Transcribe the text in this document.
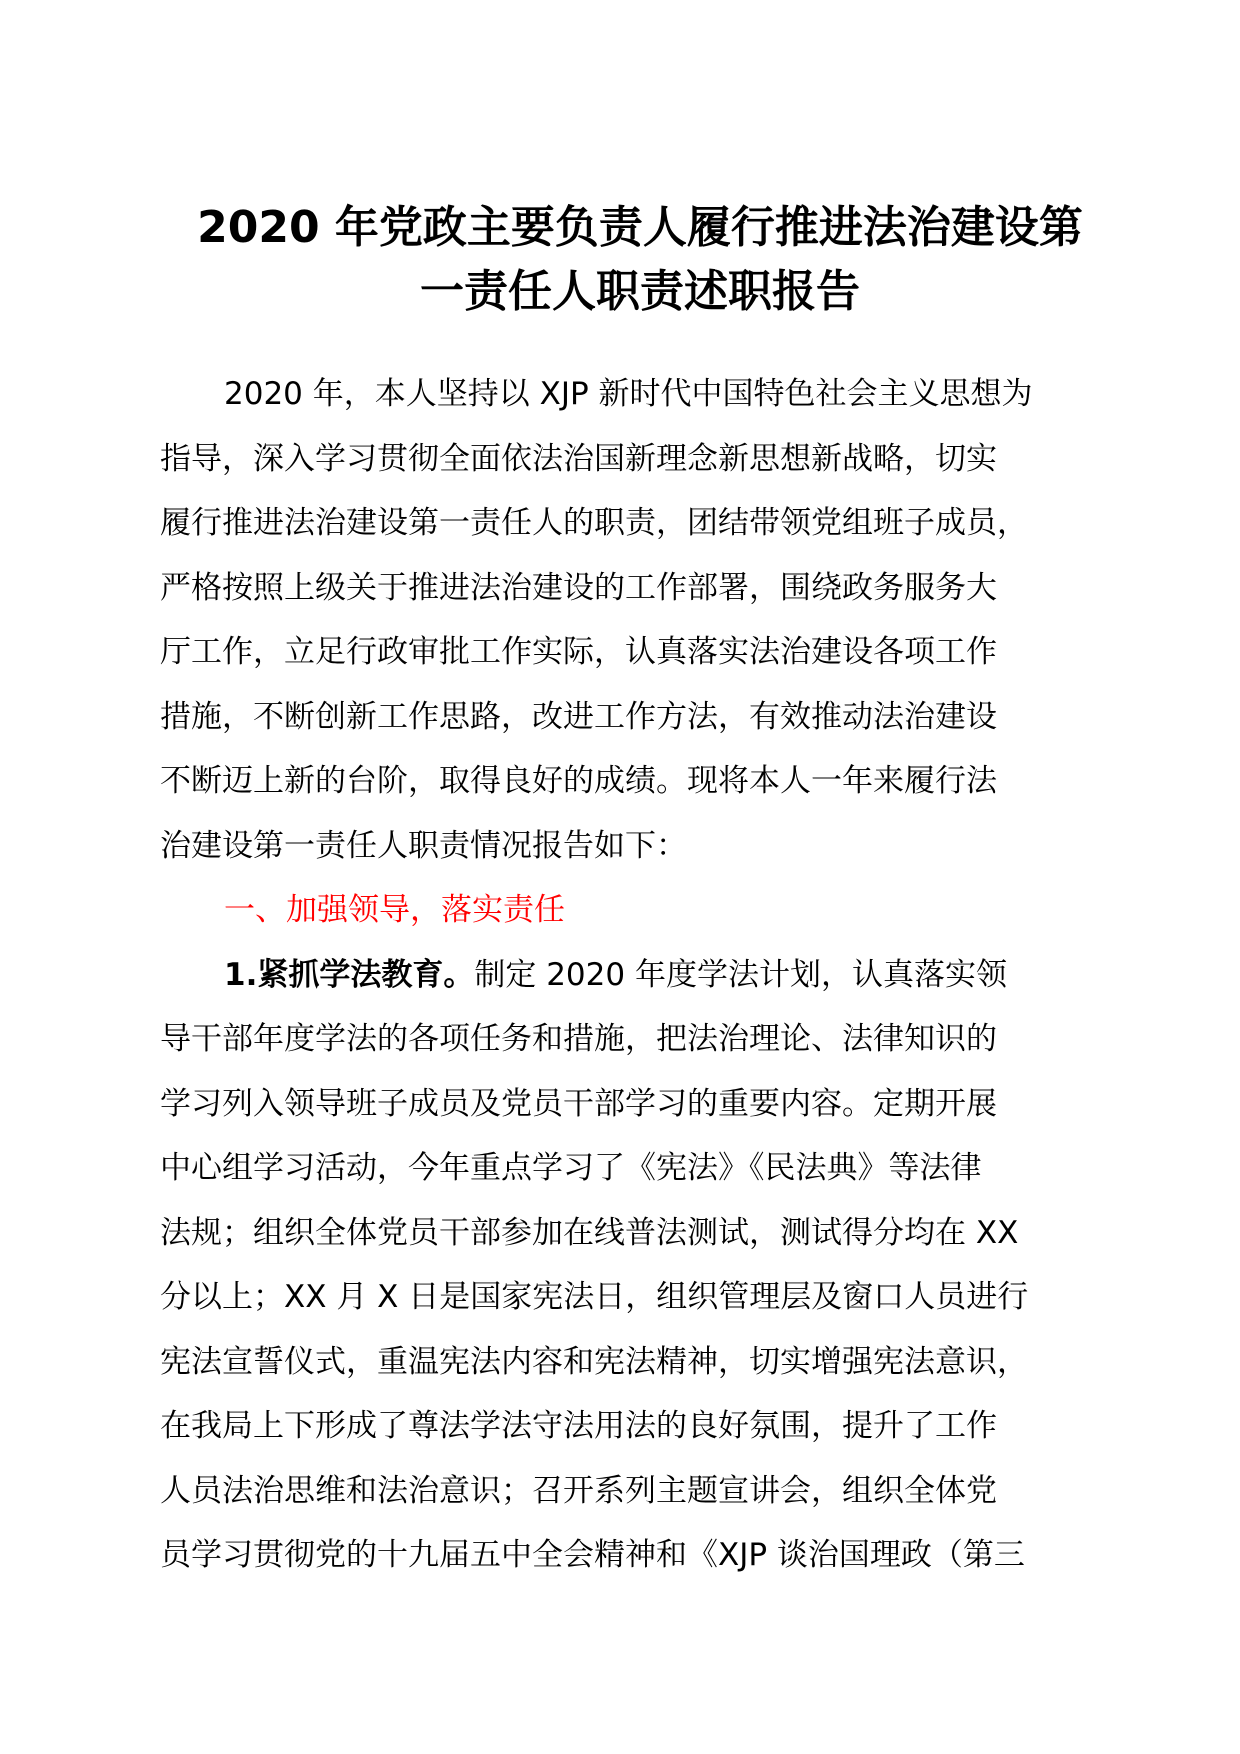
2020 年党政主要负责人履行推进法治建设第
一责任人职责述职报告
2020 年，本人坚持以 XJP 新时代中国特色社会主义思想为
指导，深入学习贯彻全面依法治国新理念新思想新战略，切实
履行推进法治建设第一责任人的职责，团结带领党组班子成员，
严格按照上级关于推进法治建设的工作部署，围绕政务服务大
厅工作，立足行政审批工作实际，认真落实法治建设各项工作
措施，不断创新工作思路，改进工作方法，有效推动法治建设
不断迈上新的台阶，取得良好的成绩。现将本人一年来履行法
治建设第一责任人职责情况报告如下：
一、加强领导，落实责任
1.紧抓学法教育。制定 2020 年度学法计划，认真落实领
导干部年度学法的各项任务和措施，把法治理论、法律知识的
学习列入领导班子成员及党员干部学习的重要内容。定期开展
中心组学习活动，今年重点学习了《宪法》《民法典》等法律
法规；组织全体党员干部参加在线普法测试，测试得分均在 XX
分以上；XX 月 X 日是国家宪法日，组织管理层及窗口人员进行
宪法宣誓仪式，重温宪法内容和宪法精神，切实增强宪法意识，
在我局上下形成了尊法学法守法用法的良好氛围，提升了工作
人员法治思维和法治意识；召开系列主题宣讲会，组织全体党
员学习贯彻党的十九届五中全会精神和《XJP 谈治国理政（第三
